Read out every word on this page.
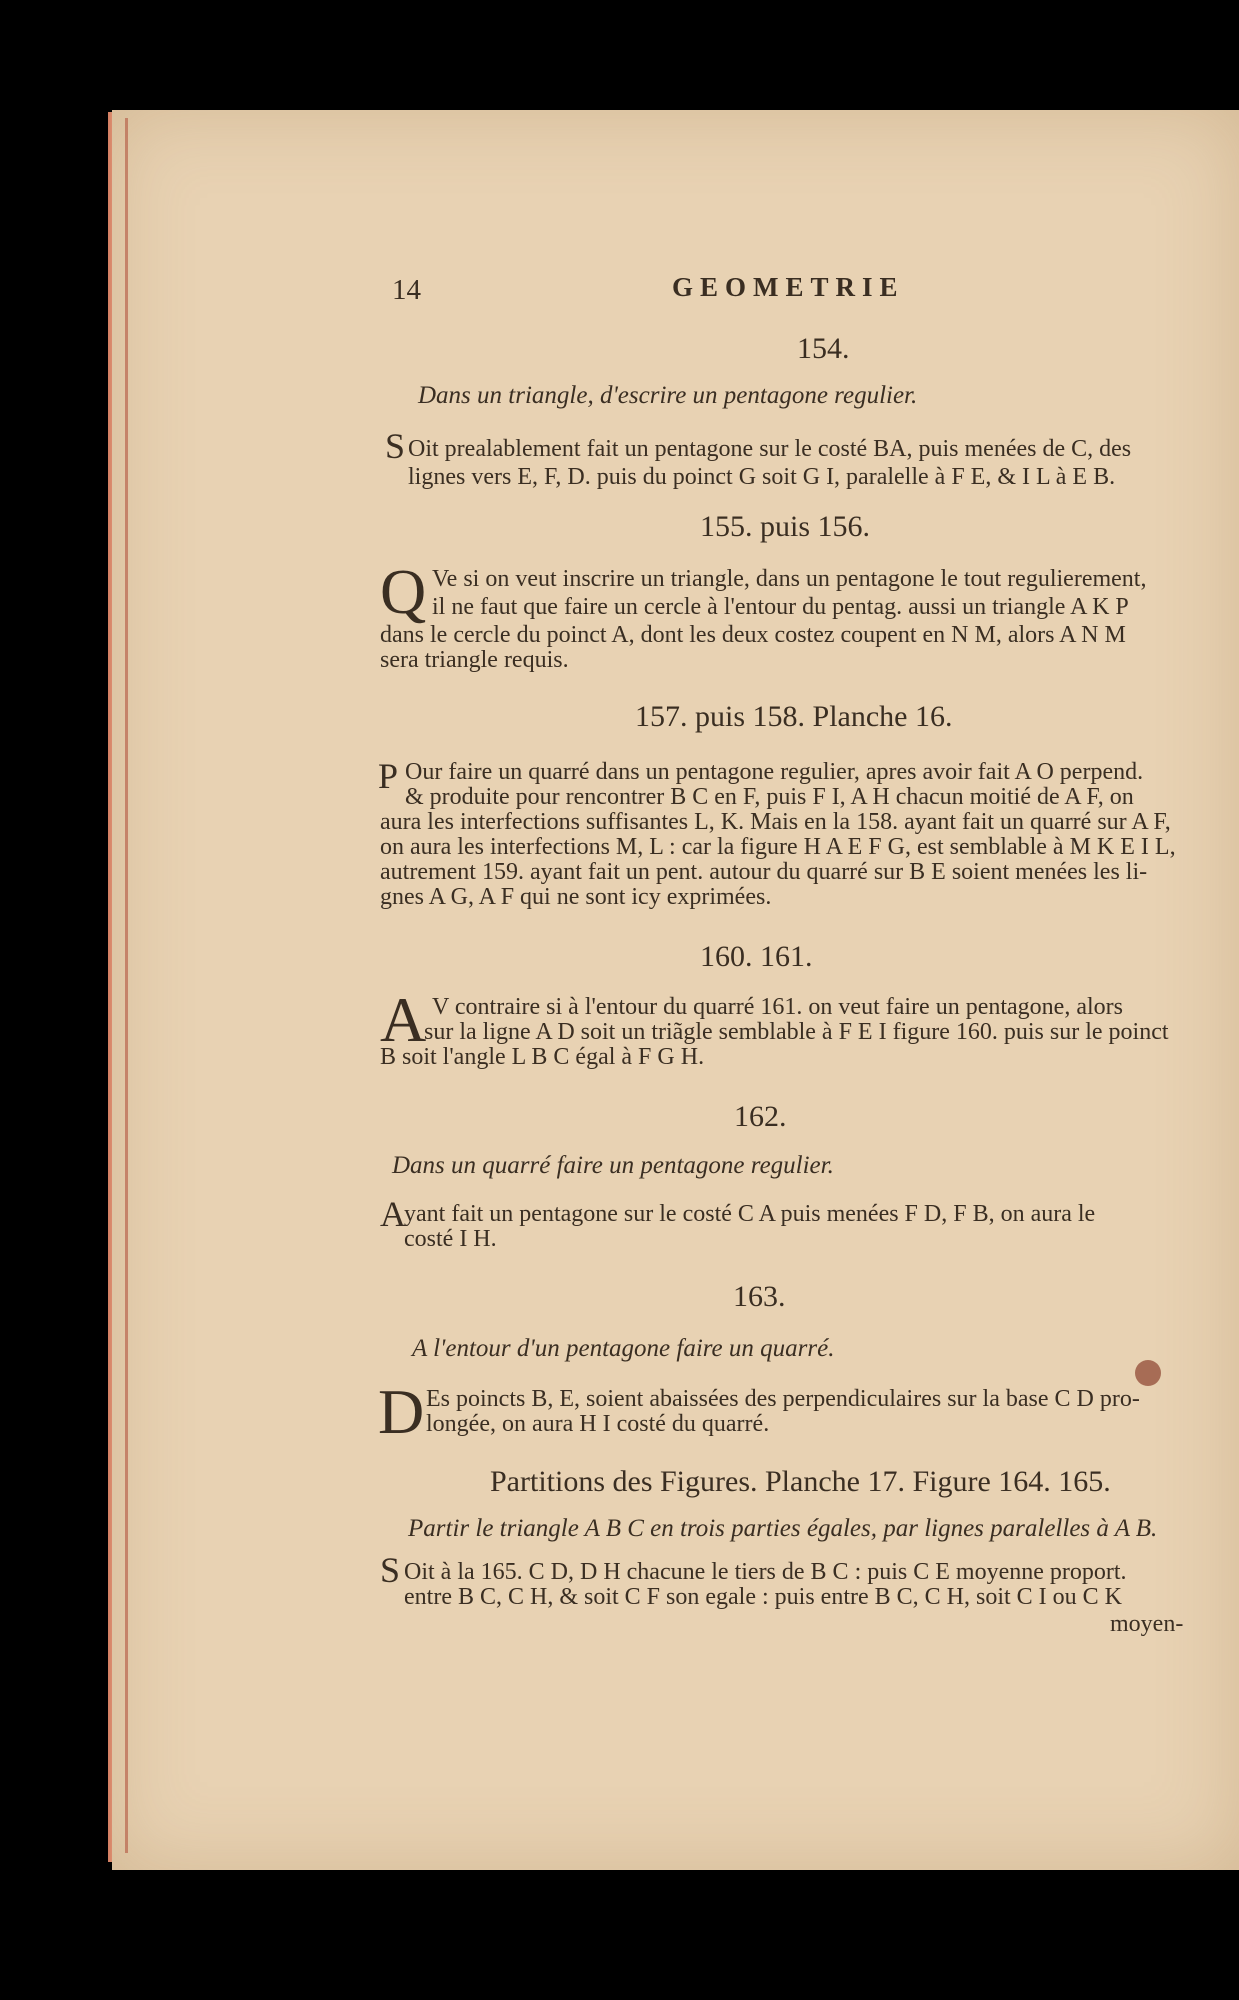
14	GEOMETRIE
154.
Dans un triangle, d'escrire un pentagone regulier.
S Oit prealablement fait un pentagone sur le costé BA, puis menées de C, des
lignes vers E, F, D. puis du poinct G soit G I, paralelle à F E, & I L à E B.
155. puis 156.
Q Ve si on veut inscrire un triangle, dans un pentagone le tout regulierement,
il ne faut que faire un cercle à l'entour du pentag. aussi un triangle A K P
dans le cercle du poinct A, dont les deux costez coupent en N M, alors A N M
sera triangle requis.
157. puis 158. Planche 16.
P Our faire un quarré dans un pentagone regulier, apres avoir fait A O perpend.
& produite pour rencontrer B C en F, puis F I, A H chacun moitié de A F, on
aura les interfections suffisantes L, K. Mais en la 158. ayant fait un quarré sur A F,
on aura les interfections M, L : car la figure H A E F G, est semblable à M K E I L,
autrement 159. ayant fait un pent. autour du quarré sur B E soient menées les li-
gnes A G, A F qui ne sont icy exprimées.
160. 161.
A V contraire si à l'entour du quarré 161. on veut faire un pentagone, alors
sur la ligne A D soit un triãgle semblable à F E I figure 160. puis sur le poinct
B soit l'angle L B C égal à F G H.
162.
Dans un quarré faire un pentagone regulier.
A
yant fait un pentagone sur le costé C A puis menées F D, F B, on aura le
costé I H.
163.
A l'entour d'un pentagone faire un quarré.
D Es poincts B, E, soient abaissées des perpendiculaires sur la base C D pro-
longée, on aura H I costé du quarré.
Partitions des Figures. Planche 17. Figure 164. 165.
Partir le triangle A B C en trois parties égales, par lignes paralelles à A B.
S Oit à la 165. C D, D H chacune le tiers de B C : puis C E moyenne proport.
entre B C, C H, & soit C F son egale : puis entre B C, C H, soit C I ou C K
moyen-
